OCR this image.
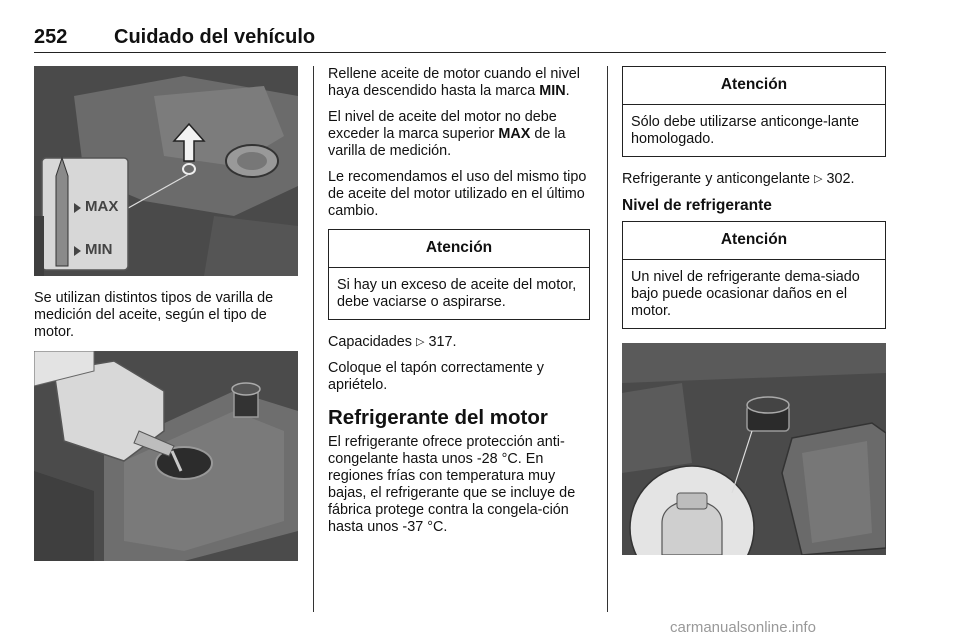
252 Cuidado del vehículo
MAX
MIN

Se utilizan distintos tipos de varilla de medición del aceite, según el tipo de motor.

Rellene aceite de motor cuando el nivel haya descendido hasta la marca MIN.

El nivel de aceite del motor no debe exceder la marca superior MAX de la varilla de medición.

Le recomendamos el uso del mismo tipo de aceite del motor utilizado en el último cambio.

Atención
Si hay un exceso de aceite del motor, debe vaciarse o aspirarse.

Capacidades ▷ 317.

Coloque el tapón correctamente y apriételo.

Refrigerante del motor

El refrigerante ofrece protección anti-congelante hasta unos -28 °C. En regiones frías con temperatura muy bajas, el refrigerante que se incluye de fábrica protege contra la congela-ción hasta unos -37 °C.

Atención
Sólo debe utilizarse anticonge-lante homologado.

Refrigerante y anticongelante ▷ 302.

Nivel de refrigerante
Atención
Un nivel de refrigerante dema-siado bajo puede ocasionar daños en el motor.
carmanualsonline.info
